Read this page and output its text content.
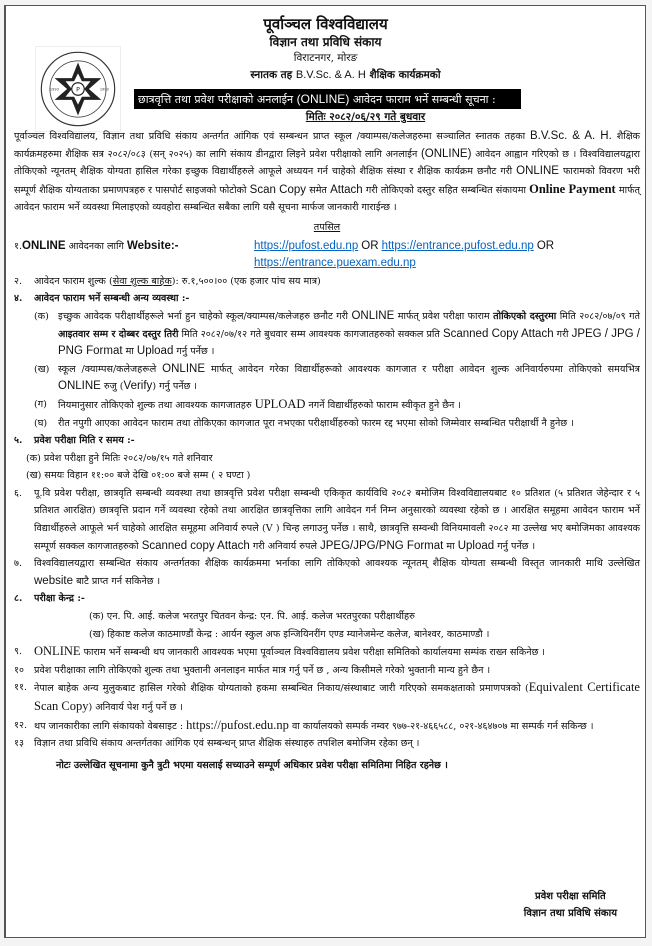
P
1993	1993
पूर्वाञ्चल विश्वविद्यालय
विज्ञान तथा प्रविधि संकाय
विराटनगर, मोरङ
स्नातक तह B.V.Sc. & A. H शैक्षिक कार्यक्रमको
छात्रवृत्ति तथा प्रवेश परीक्षाको अनलाईन (ONLINE) आवेदन फाराम भर्ने सम्बन्धी सूचना :
मितिः २०८२/०६/२९ गते बुधवार
पूर्वाञ्चल विश्वविद्यालय, विज्ञान तथा प्रविधि संकाय अन्तर्गत आंगिक एवं सम्बन्धन प्राप्त स्कूल /क्याम्पस/कलेजहरुमा सञ्चालित स्नातक तहका B.V.Sc. & A. H. शैक्षिक कार्यक्रमहरुमा शैक्षिक सत्र २०८२/०८३ (सन् २०२५) का लागि संकाय डीनद्वारा लिइने प्रवेश परीक्षाको लागि अनलाईन (ONLINE) आवेदन आह्वान गरिएको छ । विश्वविद्यालयद्वारा तोकिएको न्यूनतम् शैक्षिक योग्यता हासिल गरेका इच्छुक विद्यार्थीहरुले आफूले अध्ययन गर्न चाहेको शैक्षिक संस्था र शैक्षिक कार्यक्रम छनौट गरी ONLINE फारामको विवरण भरी सम्पूर्ण शैक्षिक योग्यताका प्रमाणपत्रहरु र पासपोर्ट साइजको फोटोको Scan Copy समेत Attach गरी तोकिएको दस्तुर सहित सम्बन्धित संकायमा Online Payment मार्फत् आवेदन फाराम भर्ने व्यवस्था मिलाइएको व्यवहोरा सम्बन्धित सबैका लागि यसै सूचना मार्फज जानकारी गाराईन्छ ।
तपसिल
१.ONLINE आवेदनका लागि Website:-	https://pufost.edu.np OR https://entrance.pufost.edu.np OR
https://entrance.puexam.edu.np
२.	आवेदन फाराम शुल्क (सेवा शुल्क बाहेक): रु.१,५००।०० (एक हजार पांच सय मात्र)
४.	आवेदन फाराम भर्ने सम्बन्धी अन्य व्यवस्था :-
(क) इच्छुक आवेदक परीक्षार्थीहरूले भर्ना हुन चाहेको स्कूल/क्याम्पस/कलेजहरु छनौट गरी ONLINE मार्फत् प्रवेश परीक्षा फाराम तोकिएको दस्तुरमा मिति २०८२/०७/०९ गते आइतवार सम्म र दोब्बर दस्तुर तिरी मिति २०८२/०७/१२ गते बुधवार सम्म आवश्यक कागजातहरुको सक्कल प्रति Scanned Copy Attach गरी JPEG / JPG / PNG Format मा Upload गर्नु पर्नेछ ।
(ख) स्कूल /क्याम्पस/कलेजहरूले ONLINE मार्फत् आवेदन गरेका विद्यार्थीहरूको आवश्यक कागजात र परीक्षा आवेदन शुल्क अनिवार्यरुपमा तोकिएको समयभित्र ONLINE रुजु (Verify) गर्नु पर्नेछ ।
(ग)	नियमानुसार तोकिएको शुल्क तथा आवश्यक कागजातहरु UPLOAD नगर्ने विद्यार्थीहरुको फाराम स्वीकृत हुने छैन ।
(घ)	रीत नपुगी आएका आवेदन फाराम तथा तोकिएका कागजात पूरा नभएका परीक्षार्थीहरुको फारम रद्द भएमा सोको जिम्मेवार सम्बन्धित परीक्षार्थी नै हुनेछ ।
५.	प्रवेश परीक्षा मिति र समय :-
(क) प्रवेश परीक्षा हुने मितिः २०८२/०७/१५ गते शनिवार
(ख) समयः विहान ११:०० बजे देखि ०१:०० बजे सम्म ( २ घण्टा )
६.	पू.वि प्रवेश परीक्षा, छात्रवृति सम्बन्धी व्यवस्था तथा छात्रवृत्ति प्रवेश परीक्षा सम्बन्धी एकिकृत कार्यविधि २०८२ बमोजिम विश्वविद्यालयबाट १० प्रतिशत (५ प्रतिशत जेहेन्दार र ५ प्रतिशत आरक्षित) छात्रवृत्ति प्रदान गर्ने व्यवस्था रहेको तथा आरक्षित छात्रवृत्तिका लागि आवेदन गर्न निम्न अनुसारको व्यवस्था रहेको छ । आरक्षित समूहमा आवेदन फाराम भर्ने विद्यार्थीहरुले आफूले भर्न चाहेको आरक्षित समूहमा अनिवार्य रुपले (V ) चिन्ह लगाउनु पर्नेछ । साथै, छात्रवृत्ति सम्वन्धी विनियमावली २०८२ मा उल्लेख भए बमोजिमका आवश्यक सम्पूर्ण सक्कल कागजातहरुको Scanned copy Attach गरी अनिवार्य रुपले JPEG/JPG/PNG Format मा Upload गर्नु पर्नेछ ।
७.	विश्वविद्यालयद्वारा सम्बन्धित संकाय अन्तर्गतका शैक्षिक कार्यक्रममा भर्नाका लागि तोकिएको आवश्यक न्यूनतम् शैक्षिक योग्यता सम्बन्धी विस्तृत जानकारी माथि उल्लेखित website बाटै प्राप्त गर्न सकिनेछ ।
८.	परीक्षा केन्द्र :-
(क) एन. पि. आई. कलेज भरतपुर चितवन केन्द्र: एन. पि. आई. कलेज भरतपुरका परीक्षार्थीहरु
(ख) हिकाष्ट कलेज काठमाण्डौं केन्द्र : आर्यन स्कुल अफ इन्जियिनरींग एण्ड म्यानेजमेन्ट कलेज, बानेश्वर, काठमाण्डौ ।
९. ONLINE फाराम भर्ने सम्बन्धी थप जानकारी आवश्यक भएमा पूर्वाञ्चल विश्वविद्यालय प्रवेश परीक्षा समितिको कार्यालयमा सम्पंक राख्न सकिनेछ ।
१०	प्रवेश परीक्षाका लागि तोकिएको शुल्क तथा भुक्तानी अनलाइन मार्फत मात्र गर्नु पर्ने छ , अन्य किसीमले गरेको भुक्तानी मान्य हुने छैन ।
११. नेपाल बाहेक अन्य मुलुकबाट हासिल गरेको शैक्षिक योग्यताको हकमा सम्बन्धित निकाय/संस्थाबाट जारी गरिएको समकक्षताको प्रमाणपत्रको (Equivalent Certificate Scan Copy) अनिवार्य पेश गर्नु पर्ने छ ।
१२. थप जानकारीका लागि संकायको वेबसाइट : https://pufost.edu.np वा कार्यालयको सम्पर्क नम्वर ९७७-२१-४६६५८८, ०२१-४६४७०७ मा सम्पर्क गर्न सकिन्छ ।
१३	विज्ञान तथा प्रविधि संकाय अन्तर्गतका आंगिक एवं सम्बन्धन् प्राप्त शैक्षिक संस्थाहरु तपशिल बमोजिम रहेका छन् ।
नोटः उल्लेखित सूचनामा कुनै त्रुटी भएमा यसलाई सच्याउने सम्पूर्ण अधिकार प्रवेश परीक्षा समितिमा निहित रहनेछ ।
प्रवेश परीक्षा समिति
विज्ञान तथा प्रविधि संकाय
